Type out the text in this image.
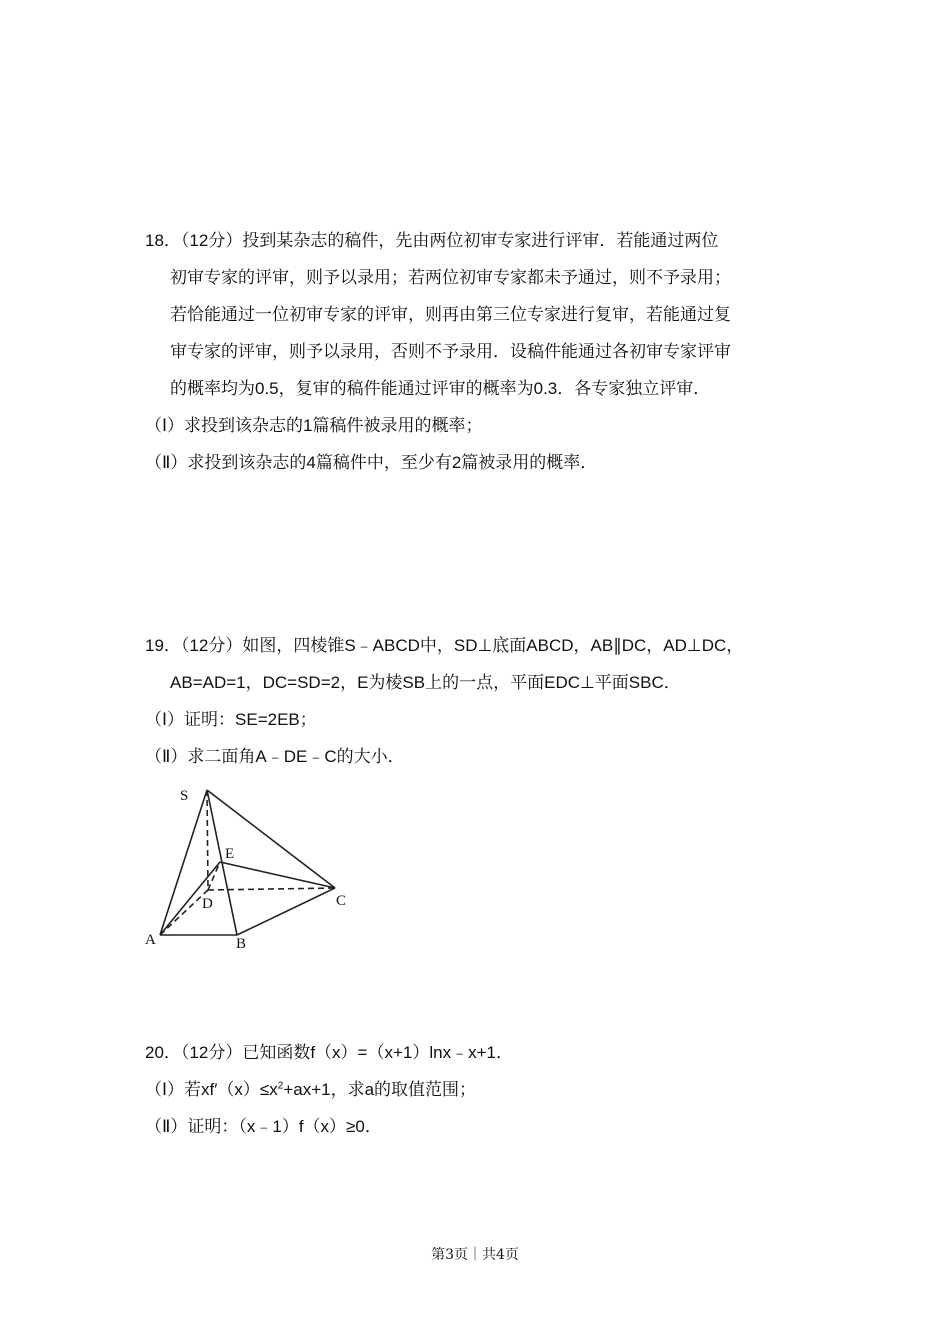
18．（12分）投到某杂志的稿件，先由两位初审专家进行评审．若能通过两位
初审专家的评审，则予以录用；若两位初审专家都未予通过，则不予录用；
若恰能通过一位初审专家的评审，则再由第三位专家进行复审，若能通过复
审专家的评审，则予以录用，否则不予录用．设稿件能通过各初审专家评审
的概率均为0.5，复审的稿件能通过评审的概率为0.3．各专家独立评审．
（Ⅰ）求投到该杂志的1篇稿件被录用的概率；
（Ⅱ）求投到该杂志的4篇稿件中，至少有2篇被录用的概率．
19．（12分）如图，四棱锥S﹣ABCD中，SD⊥底面ABCD，AB∥DC，AD⊥DC，
AB=AD=1，DC=SD=2，E为棱SB上的一点，平面EDC⊥平面SBC．
（Ⅰ）证明：SE=2EB；
（Ⅱ）求二面角A﹣DE﹣C的大小．
S
E
D	C
A	B
20．（12分）已知函数f（x）=（x+1）lnx﹣x+1．
（Ⅰ）若$xf'(x)\le x^2+ax+1$，求a的取值范围；
（Ⅱ）证明：（x﹣1）f（x）≥0．
第3页｜共4页
